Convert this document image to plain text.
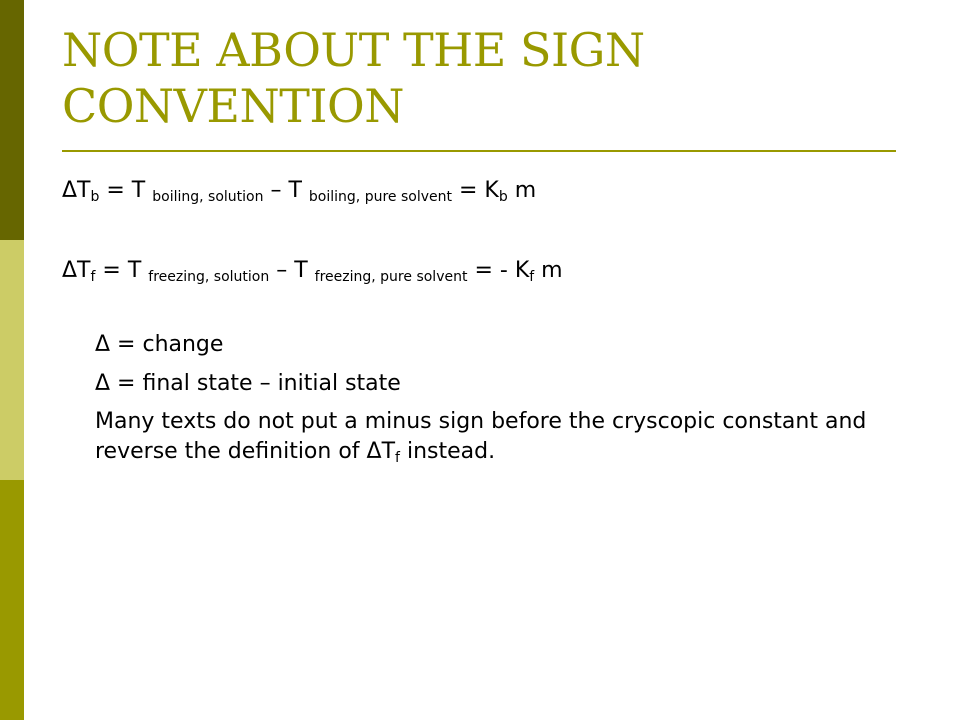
NOTE ABOUT THE SIGN CONVENTION
$\Delta T_b = T$ $_{boiling, solution}$ – T $_{boiling, pure solvent} = K_b$ m
$\Delta T_f = T$ $_{freezing, solution}$ – T $_{freezing, pure solvent}$ = - $K_f$ m
Δ = change
Δ = final state – initial state
Many texts do not put a minus sign before the cryscopic constant and reverse the definition of $\Delta T_f$ instead.
